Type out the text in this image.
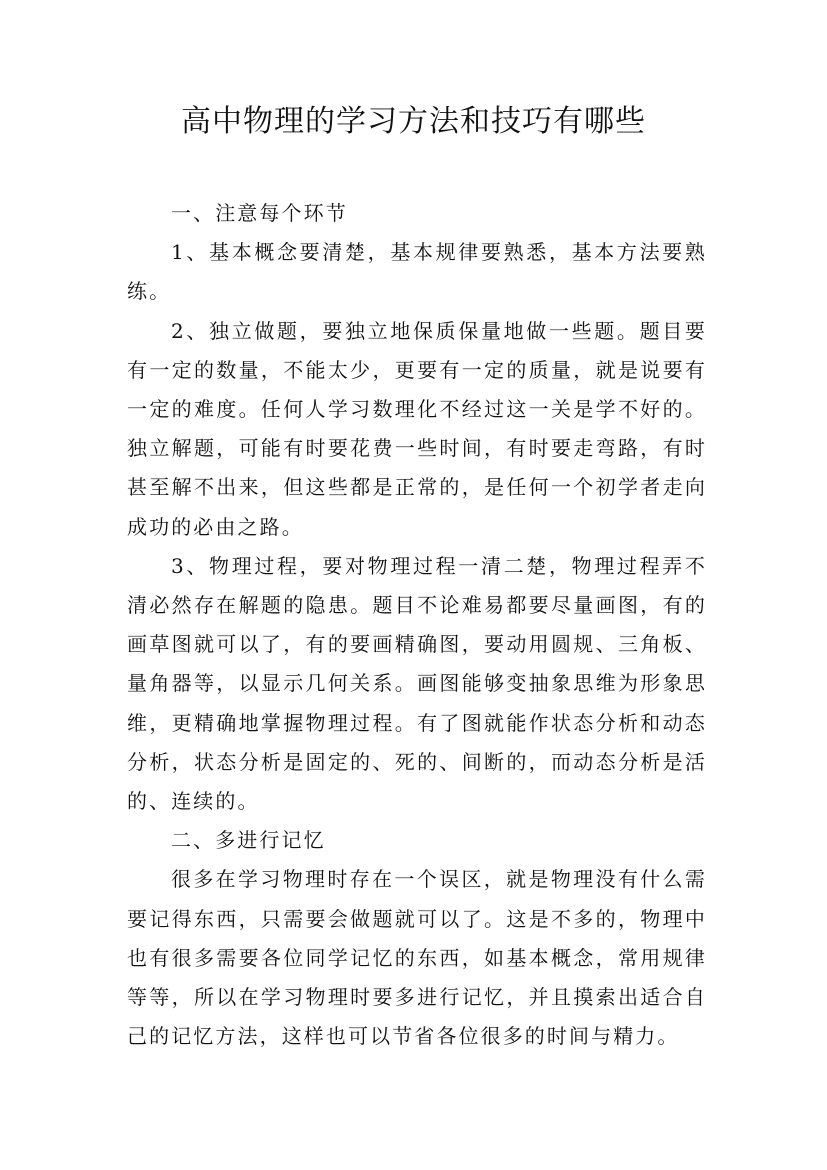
高中物理的学习方法和技巧有哪些

一、注意每个环节

1、基本概念要清楚，基本规律要熟悉，基本方法要熟练。

2、独立做题，要独立地保质保量地做一些题。题目要有一定的数量，不能太少，更要有一定的质量，就是说要有一定的难度。任何人学习数理化不经过这一关是学不好的。独立解题，可能有时要花费一些时间，有时要走弯路，有时甚至解不出来，但这些都是正常的，是任何一个初学者走向成功的必由之路。

3、物理过程，要对物理过程一清二楚，物理过程弄不清必然存在解题的隐患。题目不论难易都要尽量画图，有的画草图就可以了，有的要画精确图，要动用圆规、三角板、量角器等，以显示几何关系。画图能够变抽象思维为形象思维，更精确地掌握物理过程。有了图就能作状态分析和动态分析，状态分析是固定的、死的、间断的，而动态分析是活的、连续的。

二、多进行记忆

很多在学习物理时存在一个误区，就是物理没有什么需要记得东西，只需要会做题就可以了。这是不多的，物理中也有很多需要各位同学记忆的东西，如基本概念，常用规律等等，所以在学习物理时要多进行记忆，并且摸索出适合自己的记忆方法，这样也可以节省各位很多的时间与精力。
